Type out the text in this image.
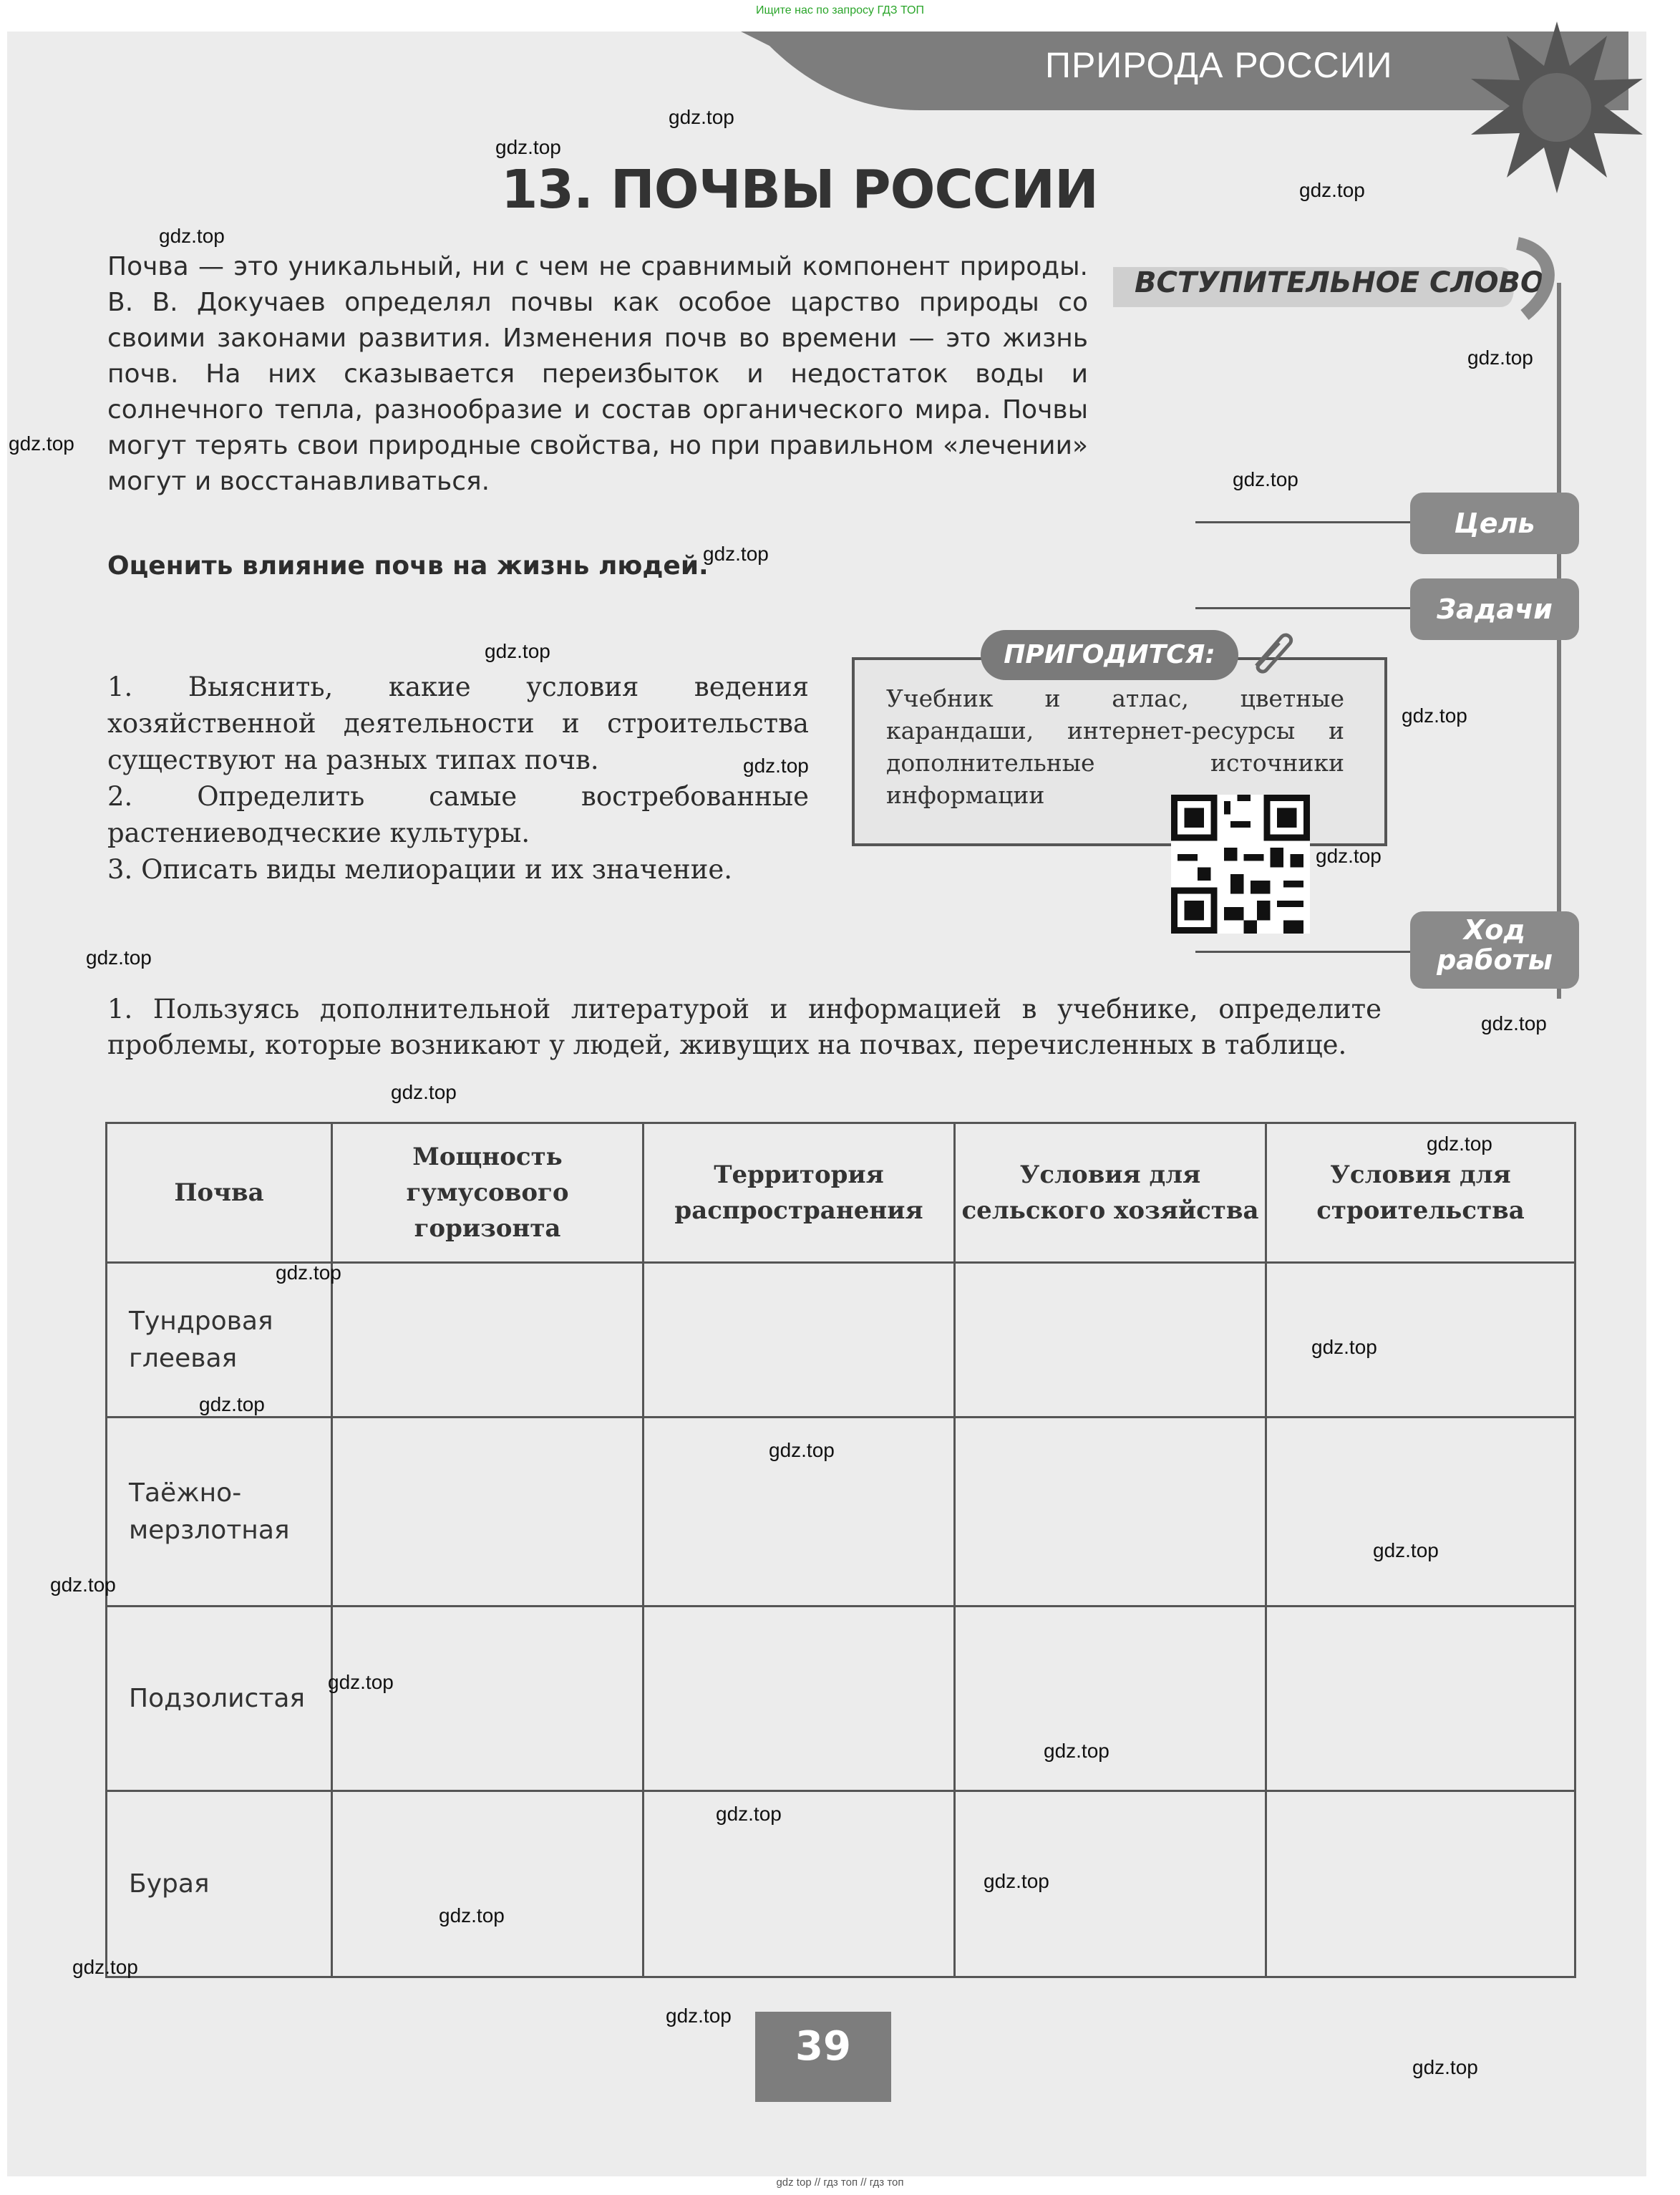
Ищите нас по запросу ГДЗ ТОП
ПРИРОДА РОССИИ
13. ПОЧВЫ РОССИИ
ВСТУПИТЕЛЬНОЕ СЛОВО
Почва — это уникальный, ни с чем не сравнимый компонент природы. В. В. Докучаев определял почвы как особое царство природы со своими законами развития. Изменения почв во времени — это жизнь почв. На них сказывается переизбыток и недостаток воды и солнечного тепла, разнообразие и состав органического мира. Почвы могут терять свои природные свойства, но при правильном «лечении» могут и восстанавливаться.
Цель
Задачи
Ход
работы
Оценить влияние почв на жизнь людей.
1. Выяснить, какие условия ведения хозяйственной деятельности и строительства существуют на разных типах почв.
2. Определить самые востребованные растениеводческие культуры.
3. Описать виды мелиорации и их значение.
ПРИГОДИТСЯ:
Учебник и атлас, цветные карандаши, интернет-ресурсы и дополнительные источники информации
1. Пользуясь дополнительной литературой и информацией в учебнике, определите проблемы, которые возникают у людей, живущих на почвах, перечисленных в таблице.
Почва	Мощность гумусового горизонта	Территория распространения	Условия для сельского хозяйства	Условия для строительства
Тундровая глеевая				
Таёжно-мерзлотная				
Подзолистая				
Бурая				
39
gdz top // гдз топ // гдз топ
gdz.top
gdz.top
gdz.top
gdz.top
gdz.top
gdz.top
gdz.top
gdz.top
gdz.top
gdz.top
gdz.top
gdz.top
gdz.top
gdz.top
gdz.top
gdz.top
gdz.top
gdz.top
gdz.top
gdz.top
gdz.top
gdz.top
gdz.top
gdz.top
gdz.top
gdz.top
gdz.top
gdz.top
gdz.top
gdz.top
